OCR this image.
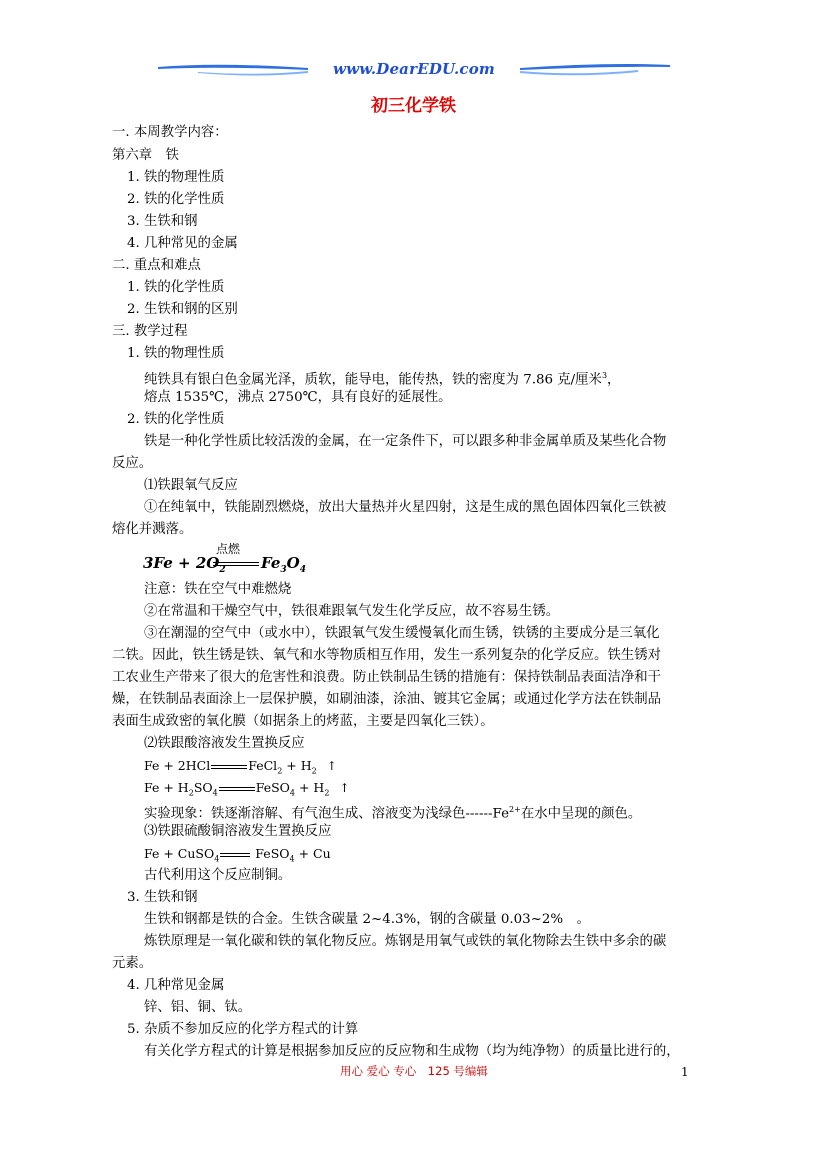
www.DearEDU.com
初三化学铁
一. 本周教学内容：
第六章　铁
1. 铁的物理性质
2. 铁的化学性质
3. 生铁和钢
4. 几种常见的金属
二. 重点和难点
1. 铁的化学性质
2. 生铁和钢的区别
三. 教学过程
1. 铁的物理性质
纯铁具有银白色金属光泽，质软，能导电，能传热，铁的密度为 7.86 克/厘米$^3$，
熔点 1535℃，沸点 2750℃，具有良好的延展性。
2. 铁的化学性质
铁是一种化学性质比较活泼的金属，在一定条件下，可以跟多种非金属单质及某些化合物
反应。
⑴铁跟氧气反应
①在纯氧中，铁能剧烈燃烧，放出大量热并火星四射，这是生成的黑色固体四氧化三铁被
熔化并溅落。
$3Fe + 2O_2$
点燃
$Fe_3O_4$
注意：铁在空气中难燃烧
②在常温和干燥空气中，铁很难跟氧气发生化学反应，故不容易生锈。
③在潮湿的空气中（或水中），铁跟氧气发生缓慢氧化而生锈，铁锈的主要成分是三氧化
二铁。因此，铁生锈是铁、氧气和水等物质相互作用，发生一系列复杂的化学反应。铁生锈对
工农业生产带来了很大的危害性和浪费。防止铁制品生锈的措施有：保持铁制品表面洁净和干
燥，在铁制品表面涂上一层保护膜，如刷油漆，涂油、镀其它金属；或通过化学方法在铁制品
表面生成致密的氧化膜（如据条上的烤蓝，主要是四氧化三铁）。
⑵铁跟酸溶液发生置换反应
Fe + 2HCl	FeCl$_2$ + $H_2$ ↑
$Fe + H_2SO_4$	FeSO$_4$ + $H_2$ ↑
实验现象：铁逐渐溶解、有气泡生成、溶液变为浅绿色$------Fe^{2+}$在水中呈现的颜色。
⑶铁跟硫酸铜溶液发生置换反应
Fe + CuSO$_4$	FeSO$_4$ + Cu
古代利用这个反应制铜。
3. 生铁和钢
生铁和钢都是铁的合金。生铁含碳量 2~4.3%，钢的含碳量 0.03~2%　。
炼铁原理是一氧化碳和铁的氧化物反应。炼钢是用氧气或铁的氧化物除去生铁中多余的碳
元素。
4. 几种常见金属
锌、铝、铜、钛。
5. 杂质不参加反应的化学方程式的计算
有关化学方程式的计算是根据参加反应的反应物和生成物（均为纯净物）的质量比进行的，
用心 爱心 专心　125 号编辑	1
